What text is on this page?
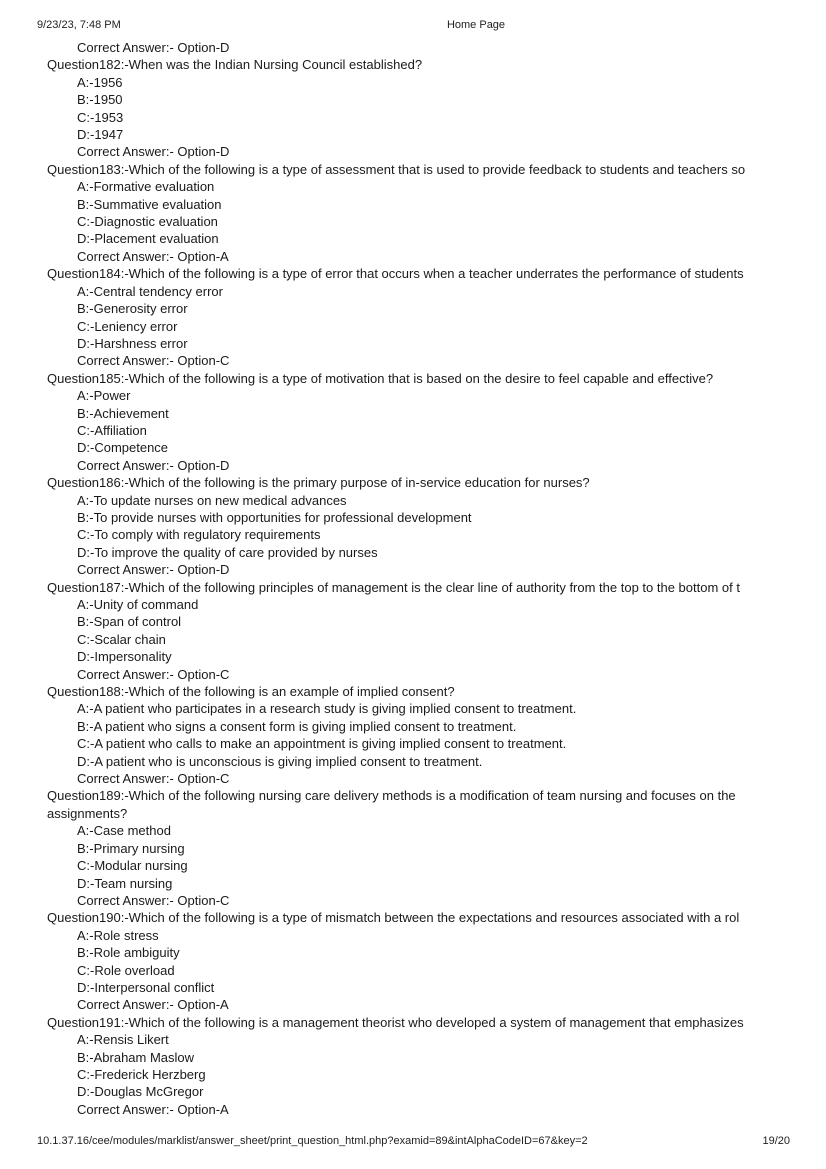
9/23/23, 7:48 PM	Home Page
Correct Answer:- Option-D
Question182:-When was the Indian Nursing Council established?
A:-1956
B:-1950
C:-1953
D:-1947
Correct Answer:- Option-D
Question183:-Which of the following is a type of assessment that is used to provide feedback to students and teachers so
A:-Formative evaluation
B:-Summative evaluation
C:-Diagnostic evaluation
D:-Placement evaluation
Correct Answer:- Option-A
Question184:-Which of the following is a type of error that occurs when a teacher underrates the performance of students
A:-Central tendency error
B:-Generosity error
C:-Leniency error
D:-Harshness error
Correct Answer:- Option-C
Question185:-Which of the following is a type of motivation that is based on the desire to feel capable and effective?
A:-Power
B:-Achievement
C:-Affiliation
D:-Competence
Correct Answer:- Option-D
Question186:-Which of the following is the primary purpose of in-service education for nurses?
A:-To update nurses on new medical advances
B:-To provide nurses with opportunities for professional development
C:-To comply with regulatory requirements
D:-To improve the quality of care provided by nurses
Correct Answer:- Option-D
Question187:-Which of the following principles of management is the clear line of authority from the top to the bottom of t
A:-Unity of command
B:-Span of control
C:-Scalar chain
D:-Impersonality
Correct Answer:- Option-C
Question188:-Which of the following is an example of implied consent?
A:-A patient who participates in a research study is giving implied consent to treatment.
B:-A patient who signs a consent form is giving implied consent to treatment.
C:-A patient who calls to make an appointment is giving implied consent to treatment.
D:-A patient who is unconscious is giving implied consent to treatment.
Correct Answer:- Option-C
Question189:-Which of the following nursing care delivery methods is a modification of team nursing and focuses on the
assignments?
A:-Case method
B:-Primary nursing
C:-Modular nursing
D:-Team nursing
Correct Answer:- Option-C
Question190:-Which of the following is a type of mismatch between the expectations and resources associated with a rol
A:-Role stress
B:-Role ambiguity
C:-Role overload
D:-Interpersonal conflict
Correct Answer:- Option-A
Question191:-Which of the following is a management theorist who developed a system of management that emphasizes
A:-Rensis Likert
B:-Abraham Maslow
C:-Frederick Herzberg
D:-Douglas McGregor
Correct Answer:- Option-A
10.1.37.16/cee/modules/marklist/answer_sheet/print_question_html.php?examid=89&intAlphaCodeID=67&key=2	19/20
